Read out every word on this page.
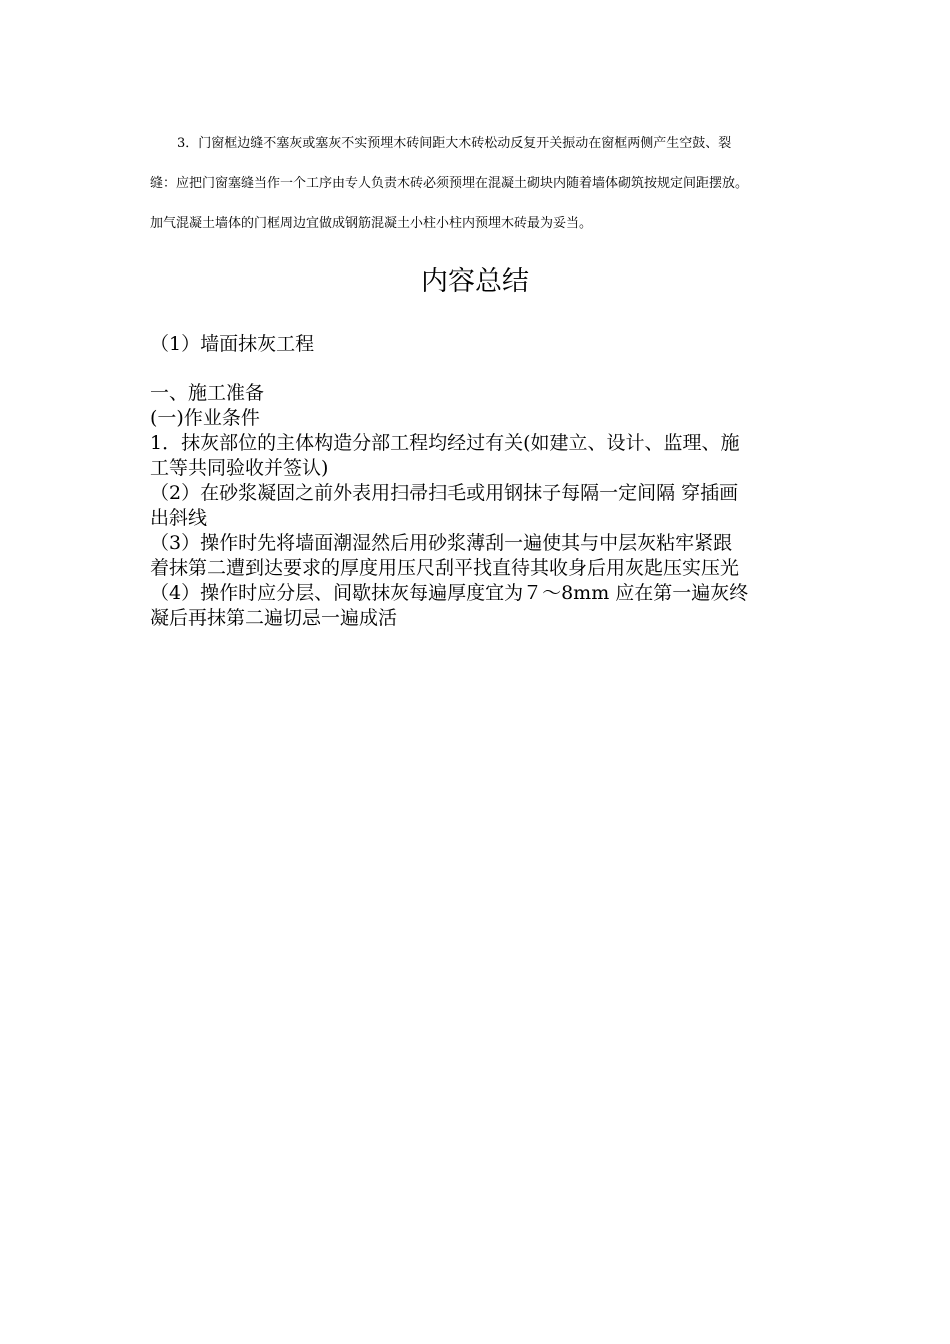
3．门窗框边缝不塞灰或塞灰不实预埋木砖间距大木砖松动反复开关振动在窗框两侧产生空鼓、裂

缝：应把门窗塞缝当作一个工序由专人负责木砖必须预埋在混凝土砌块内随着墙体砌筑按规定间距摆放。

加气混凝土墙体的门框周边宜做成钢筋混凝土小柱小柱内预埋木砖最为妥当。

内容总结

（1）墙面抹灰工程

一、施工准备

(一)作业条件

1．抹灰部位的主体构造分部工程均经过有关(如建立、设计、监理、施

工等共同验收并签认)

（2）在砂浆凝固之前外表用扫帚扫毛或用钢抹子每隔一定间隔 穿插画

出斜线

（3）操作时先将墙面潮湿然后用砂浆薄刮一遍使其与中层灰粘牢紧跟

着抹第二遭到达要求的厚度用压尺刮平找直待其收身后用灰匙压实压光

（4）操作时应分层、间歇抹灰每遍厚度宜为７～8mm 应在第一遍灰终

凝后再抹第二遍切忌一遍成活
